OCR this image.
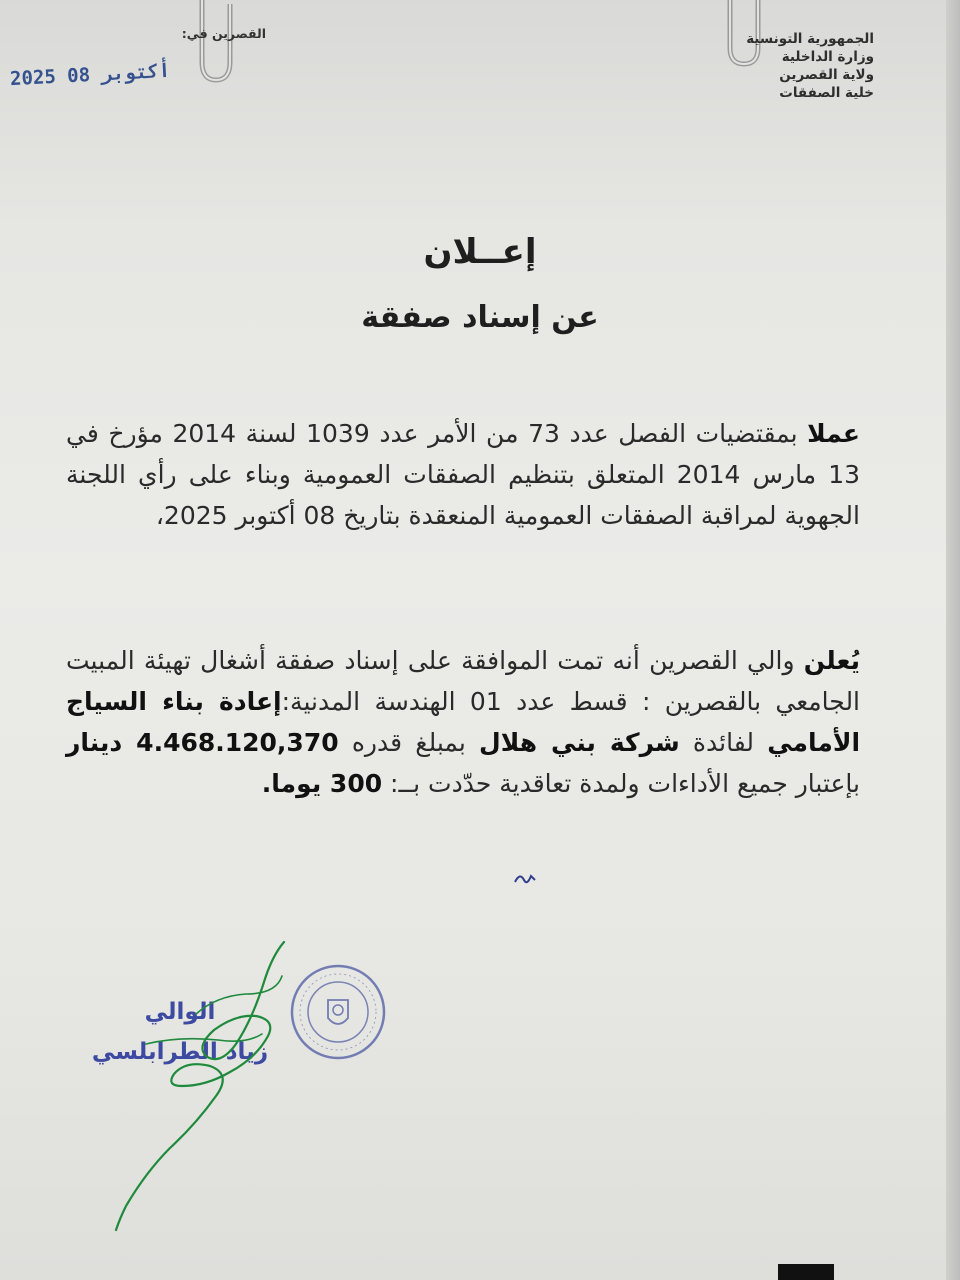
الجمهورية التونسية
وزارة الداخلية
ولاية القصرين
خلية الصفقات
القصرين في:
2025 أكتوبر 08
إعــلان
عن إسناد صفقة
عملا بمقتضيات الفصل عدد 73 من الأمر عدد 1039 لسنة 2014 مؤرخ في 13 مارس 2014 المتعلق بتنظيم الصفقات العمومية وبناء على رأي اللجنة الجهوية لمراقبة الصفقات العمومية المنعقدة بتاريخ 08 أكتوبر 2025،
يُعلن والي القصرين أنه تمت الموافقة على إسناد صفقة أشغال تهيئة المبيت الجامعي بالقصرين : قسط عدد 01 الهندسة المدنية:إعادة بناء السياج الأمامي لفائدة شركة بني هلال بمبلغ قدره 4.468.120,370 دينار بإعتبار جميع الأداءات ولمدة تعاقدية حدّدت بــ: 300 يوما.
الوالي
زياد الطرابلسي
